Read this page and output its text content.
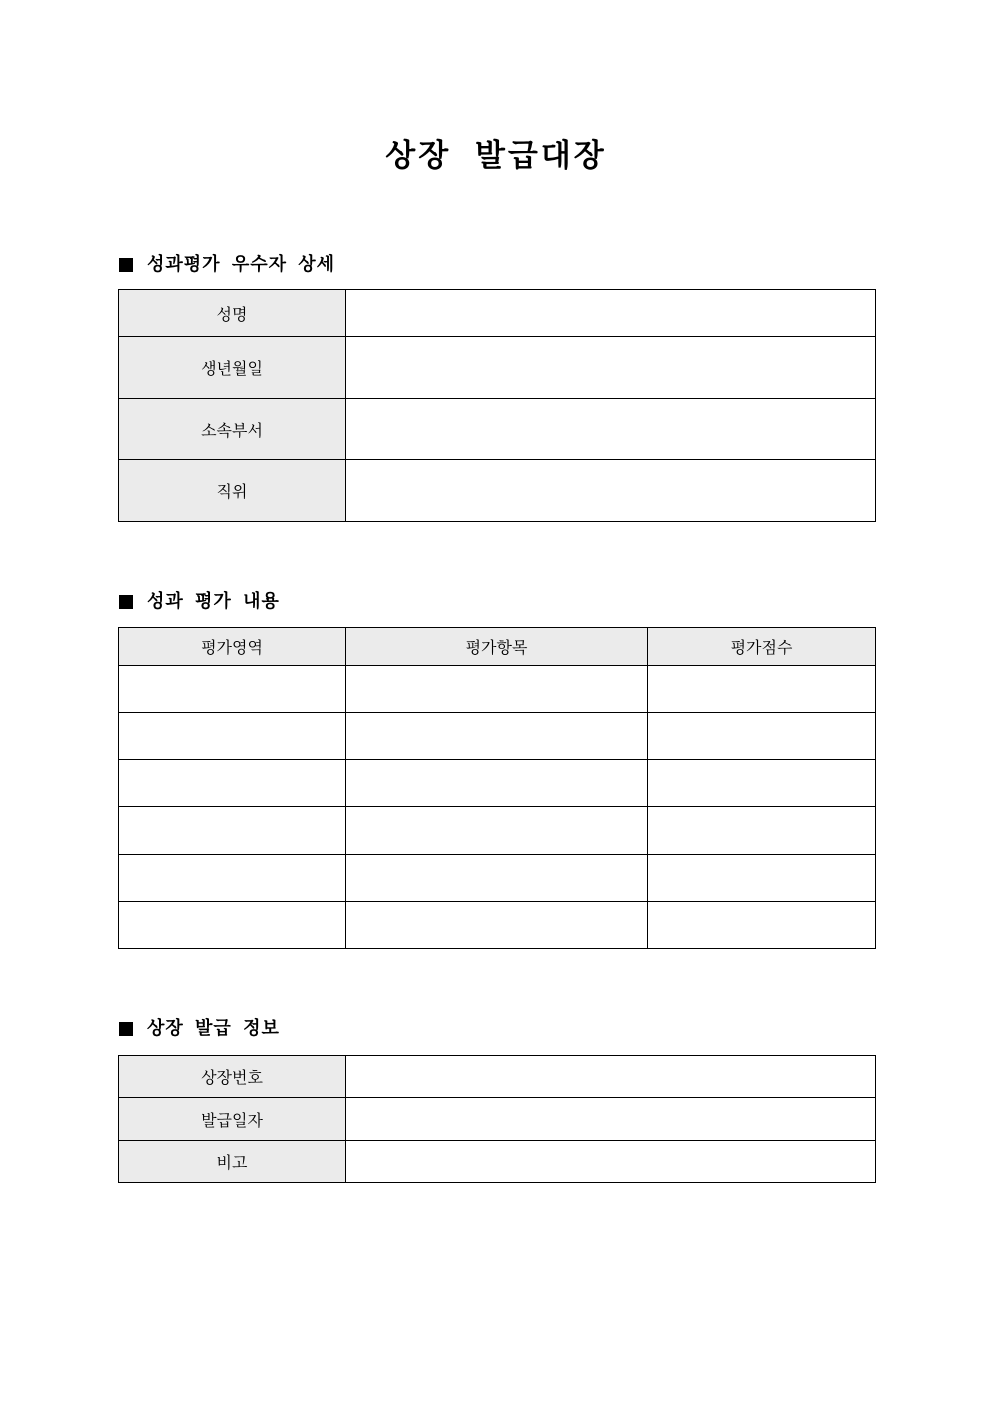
상장 발급대장
성과평가 우수자 상세
성명	
생년월일	
소속부서	
직위	
성과 평가 내용
평가영역	평가항목	평가점수

상장 발급 정보
상장번호	
발급일자	
비고	
